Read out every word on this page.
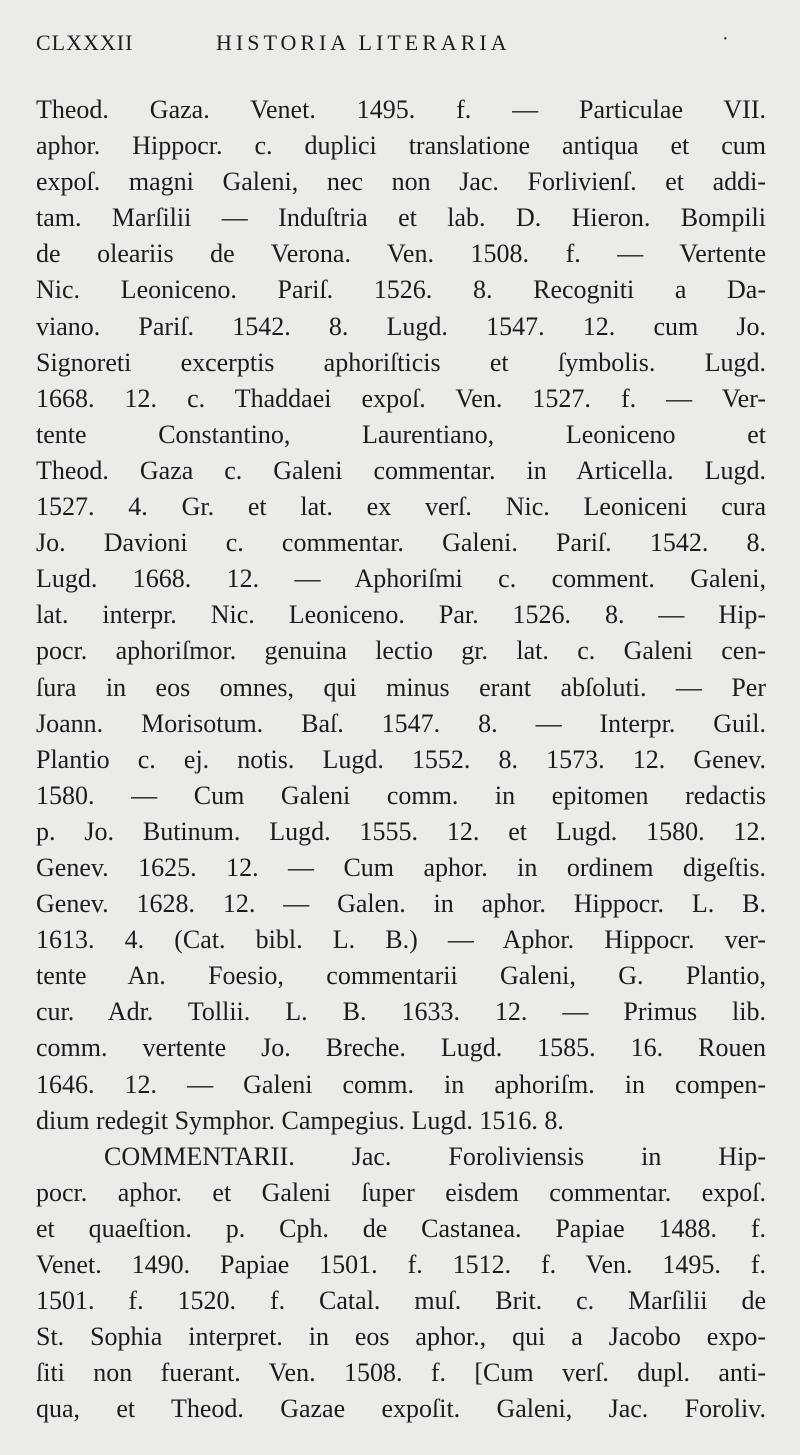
CLXXXII	HISTORIA LITERARIA	·
Theod. Gaza. Venet. 1495. f. — Particulae VII.
aphor. Hippocr. c. duplici translatione antiqua et cum
expoſ. magni Galeni, nec non Jac. Forlivienſ. et addi-
tam. Marſilii — Induſtria et lab. D. Hieron. Bompili
de oleariis de Verona. Ven. 1508. f. — Vertente
Nic. Leoniceno. Pariſ. 1526. 8. Recogniti a Da-
viano. Pariſ. 1542. 8. Lugd. 1547. 12. cum Jo.
Signoreti excerptis aphoriſticis et ſymbolis. Lugd.
1668. 12. c. Thaddaei expoſ. Ven. 1527. f. — Ver-
tente Constantino, Laurentiano, Leoniceno et
Theod. Gaza c. Galeni commentar. in Articella. Lugd.
1527. 4. Gr. et lat. ex verſ. Nic. Leoniceni cura
Jo. Davioni c. commentar. Galeni. Pariſ. 1542. 8.
Lugd. 1668. 12. — Aphoriſmi c. comment. Galeni,
lat. interpr. Nic. Leoniceno. Par. 1526. 8. — Hip-
pocr. aphoriſmor. genuina lectio gr. lat. c. Galeni cen-
ſura in eos omnes, qui minus erant abſoluti. — Per
Joann. Morisotum. Baſ. 1547. 8. — Interpr. Guil.
Plantio c. ej. notis. Lugd. 1552. 8. 1573. 12. Genev.
1580. — Cum Galeni comm. in epitomen redactis
p. Jo. Butinum. Lugd. 1555. 12. et Lugd. 1580. 12.
Genev. 1625. 12. — Cum aphor. in ordinem digeſtis.
Genev. 1628. 12. — Galen. in aphor. Hippocr. L. B.
1613. 4. (Cat. bibl. L. B.) — Aphor. Hippocr. ver-
tente An. Foesio, commentarii Galeni, G. Plantio,
cur. Adr. Tollii. L. B. 1633. 12. — Primus lib.
comm. vertente Jo. Breche. Lugd. 1585. 16. Rouen
1646. 12. — Galeni comm. in aphoriſm. in compen-
dium redegit Symphor. Campegius. Lugd. 1516. 8.
COMMENTARII. Jac. Foroliviensis in Hip-
pocr. aphor. et Galeni ſuper eisdem commentar. expoſ.
et quaeſtion. p. Cph. de Castanea. Papiae 1488. f.
Venet. 1490. Papiae 1501. f. 1512. f. Ven. 1495. f.
1501. f. 1520. f. Catal. muſ. Brit. c. Marſilii de
St. Sophia interpret. in eos aphor., qui a Jacobo expo-
ſiti non fuerant. Ven. 1508. f. [Cum verſ. dupl. anti-
qua, et Theod. Gazae expoſit. Galeni, Jac. Foroliv.
